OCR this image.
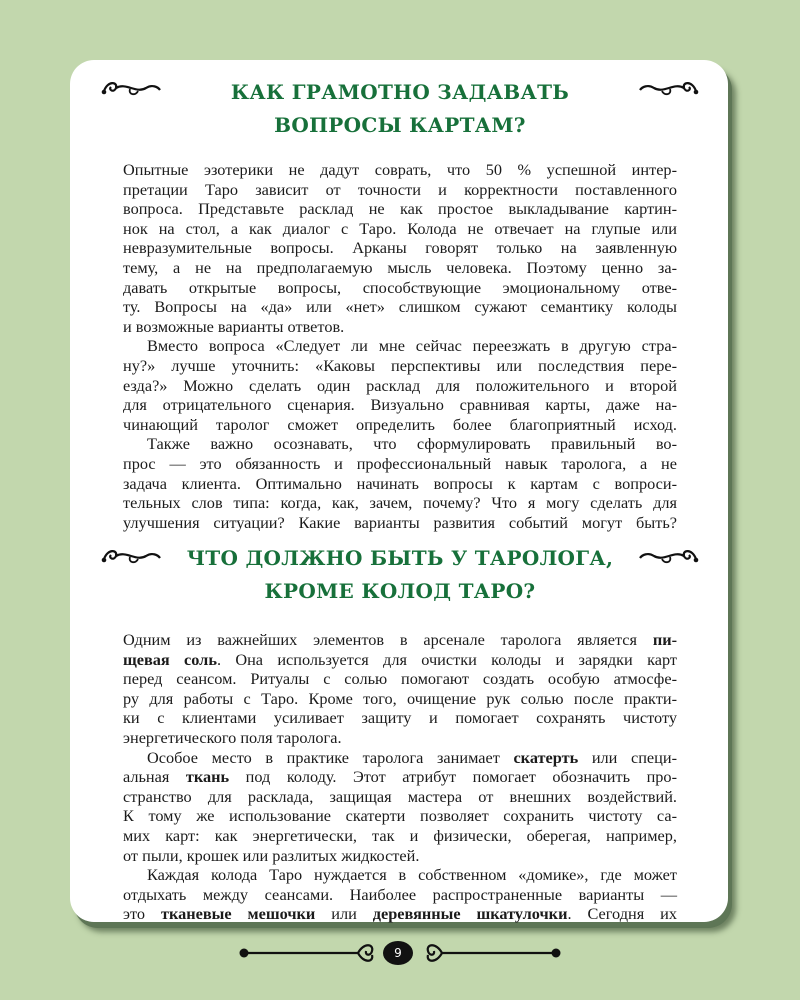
КАК ГРАМОТНО ЗАДАВАТЬ
ВОПРОСЫ КАРТАМ?
Опытные эзотерики не дадут соврать, что 50 % успешной интер-
претации Таро зависит от точности и корректности поставленного
вопроса. Представьте расклад не как простое выкладывание картин-
нок на стол, а как диалог с Таро. Колода не отвечает на глупые или
невразумительные вопросы. Арканы говорят только на заявленную
тему, а не на предполагаемую мысль человека. Поэтому ценно за-
давать открытые вопросы, способствующие эмоциональному отве-
ту. Вопросы на «да» или «нет» слишком сужают семантику колоды
и возможные варианты ответов.
Вместо вопроса «Следует ли мне сейчас переезжать в другую стра-
ну?» лучше уточнить: «Каковы перспективы или последствия пере-
езда?» Можно сделать один расклад для положительного и второй
для отрицательного сценария. Визуально сравнивая карты, даже на-
чинающий таролог сможет определить более благоприятный исход.
Также важно осознавать, что сформулировать правильный во-
прос — это обязанность и профессиональный навык таролога, а не
задача клиента. Оптимально начинать вопросы к картам с вопроси-
тельных слов типа: когда, как, зачем, почему? Что я могу сделать для
улучшения ситуации? Какие варианты развития событий могут быть?
ЧТО ДОЛЖНО БЫТЬ У ТАРОЛОГА,
КРОМЕ КОЛОД ТАРО?
Одним из важнейших элементов в арсенале таролога является пи-
щевая соль. Она используется для очистки колоды и зарядки карт
перед сеансом. Ритуалы с солью помогают создать особую атмосфе-
ру для работы с Таро. Кроме того, очищение рук солью после практи-
ки с клиентами усиливает защиту и помогает сохранять чистоту
энергетического поля таролога.
Особое место в практике таролога занимает скатерть или специ-
альная ткань под колоду. Этот атрибут помогает обозначить про-
странство для расклада, защищая мастера от внешних воздействий.
К тому же использование скатерти позволяет сохранить чистоту са-
мих карт: как энергетически, так и физически, оберегая, например,
от пыли, крошек или разлитых жидкостей.
Каждая колода Таро нуждается в собственном «домике», где может
отдыхать между сеансами. Наиболее распространенные варианты —
это тканевые мешочки или деревянные шкатулочки. Сегодня их
9
